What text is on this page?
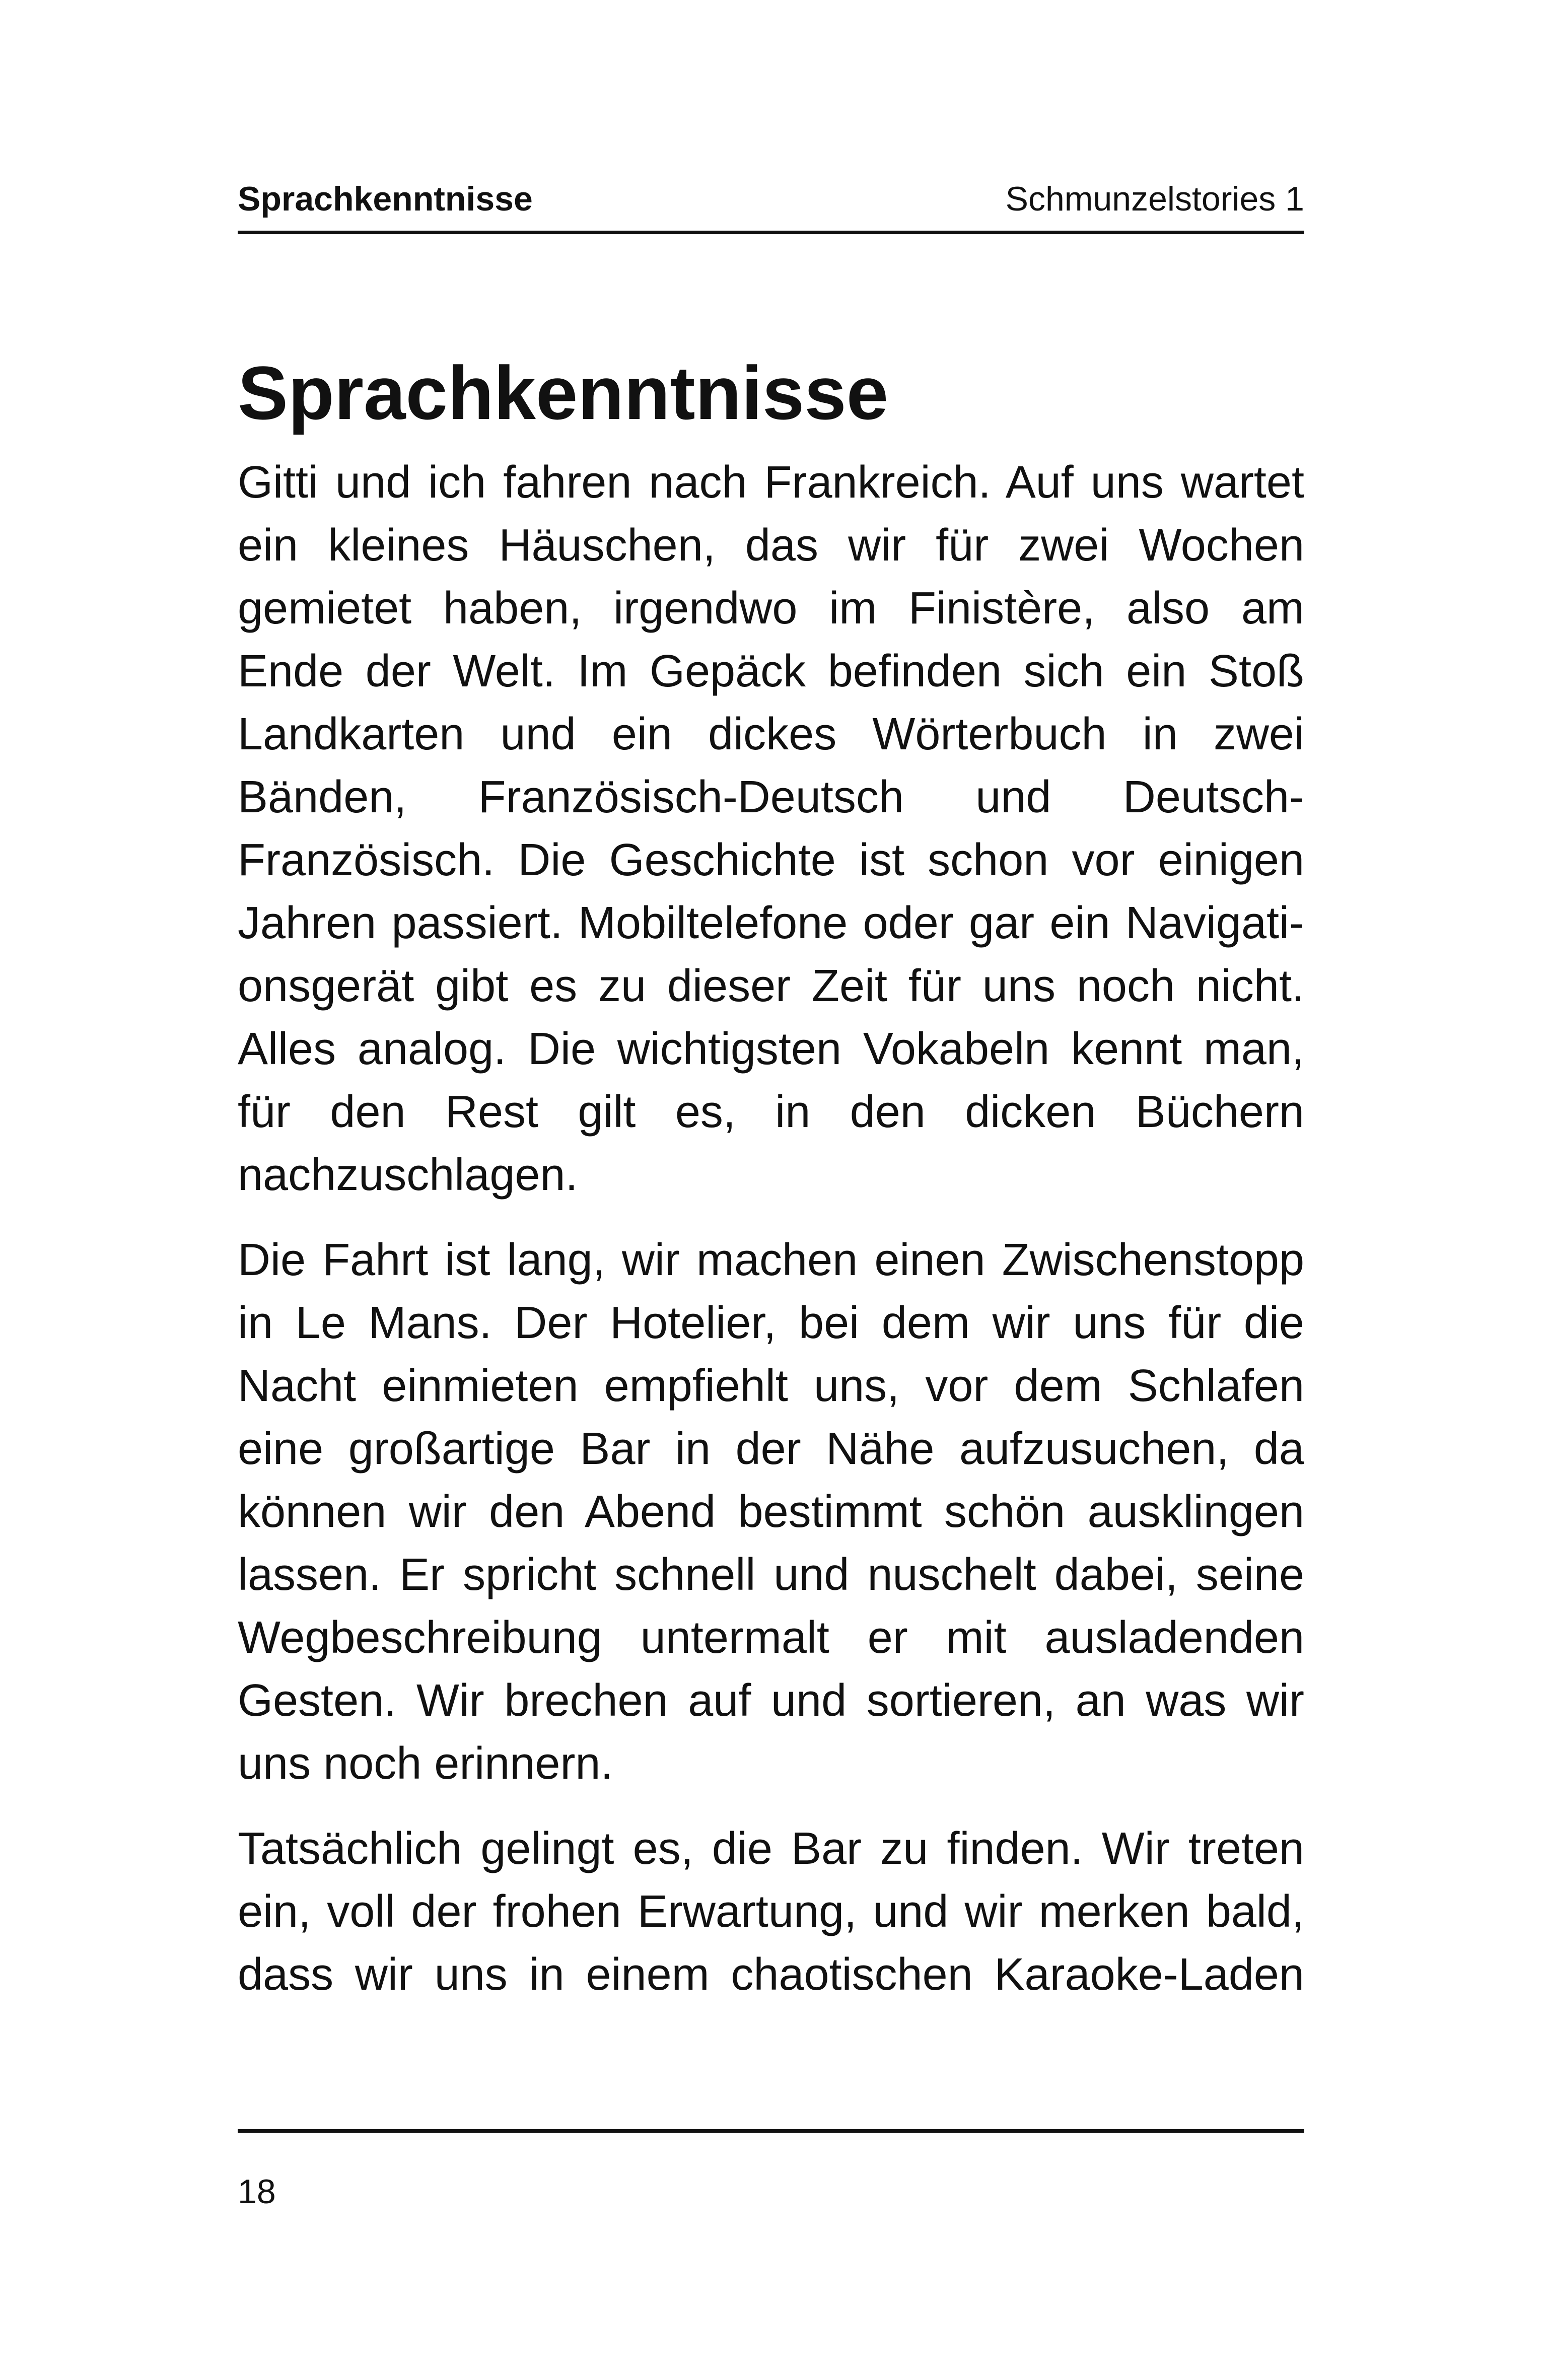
Sprachkenntnisse	Schmunzelstories 1
Sprachkenntnisse

Gitti und ich fahren nach Frankreich. Auf uns wartet ein kleines Häuschen, das wir für zwei Wochen gemietet haben, irgendwo im Finistère, also am Ende der Welt. Im Gepäck befinden sich ein Stoß Landkarten und ein dickes Wörterbuch in zwei Bänden, Französisch-Deutsch und Deutsch-Französisch. Die Geschichte ist schon vor einigen Jahren passiert. Mobiltelefone oder gar ein Navigationsgerät gibt es zu dieser Zeit für uns noch nicht. Alles analog. Die wichtigsten Vokabeln kennt man, für den Rest gilt es, in den dicken Büchern nachzuschlagen.

Die Fahrt ist lang, wir machen einen Zwischenstopp in Le Mans. Der Hotelier, bei dem wir uns für die Nacht einmieten empfiehlt uns, vor dem Schlafen eine großartige Bar in der Nähe aufzusuchen, da können wir den Abend bestimmt schön ausklingen lassen. Er spricht schnell und nuschelt dabei, seine Wegbeschreibung untermalt er mit ausladenden Gesten. Wir brechen auf und sortieren, an was wir uns noch erinnern.

Tatsächlich gelingt es, die Bar zu finden. Wir treten ein, voll der frohen Erwartung, und wir merken bald, dass wir uns in einem chaotischen Karaoke-Laden

18
